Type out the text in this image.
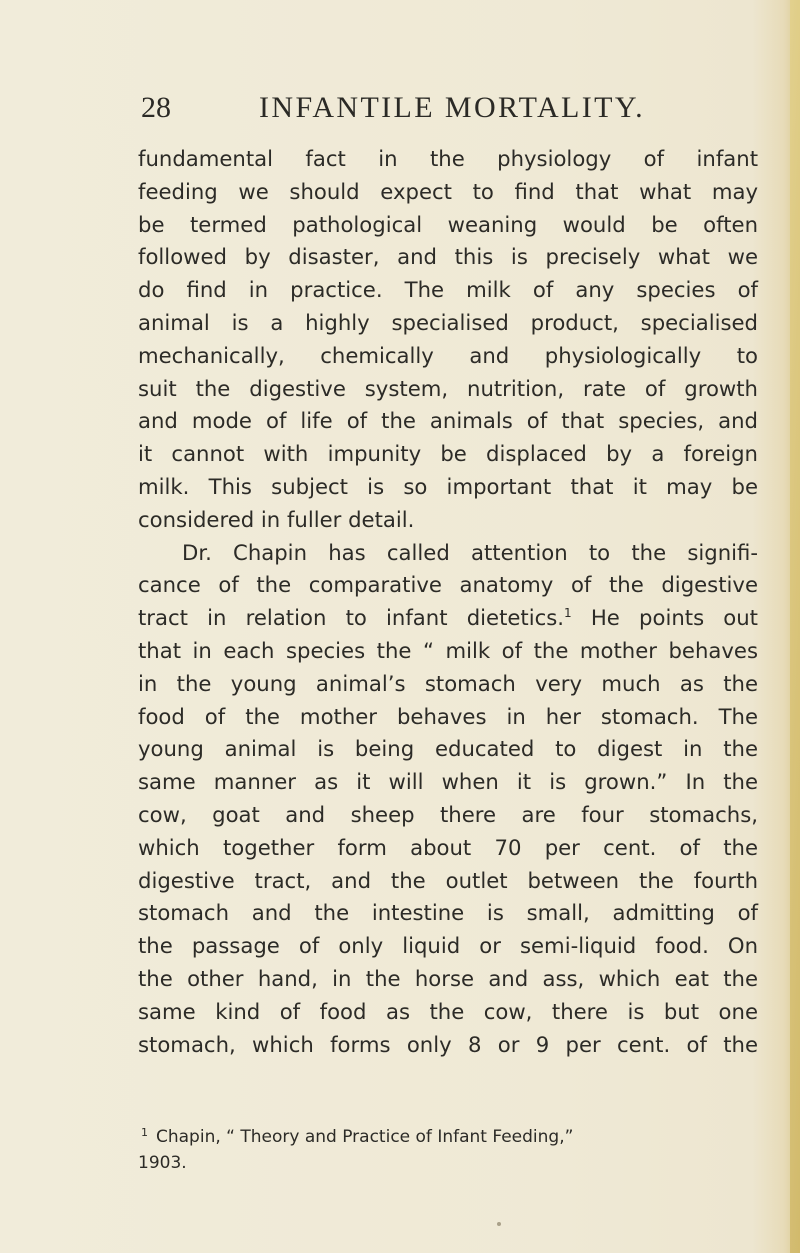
28	INFANTILE MORTALITY.

fundamental fact in the physiology of infant

feeding we should expect to find that what may

be termed pathological weaning would be often

followed by disaster, and this is precisely what we

do find in practice. The milk of any species of

animal is a highly specialised product, specialised

mechanically, chemically and physiologically to

suit the digestive system, nutrition, rate of growth

and mode of life of the animals of that species, and

it cannot with impunity be displaced by a foreign

milk. This subject is so important that it may be

considered in fuller detail.

Dr. Chapin has called attention to the signifi-

cance of the comparative anatomy of the digestive

tract in relation to infant dietetics.$^1$ He points out

that in each species the “ milk of the mother behaves

in the young animal’s stomach very much as the

food of the mother behaves in her stomach. The

young animal is being educated to digest in the

same manner as it will when it is grown.” In the

cow, goat and sheep there are four stomachs,

which together form about 70 per cent. of the

digestive tract, and the outlet between the fourth

stomach and the intestine is small, admitting of

the passage of only liquid or semi-liquid food. On

the other hand, in the horse and ass, which eat the

same kind of food as the cow, there is but one

stomach, which forms only 8 or 9 per cent. of the

$^1$ Chapin, “ Theory and Practice of Infant Feeding,”
1903.
